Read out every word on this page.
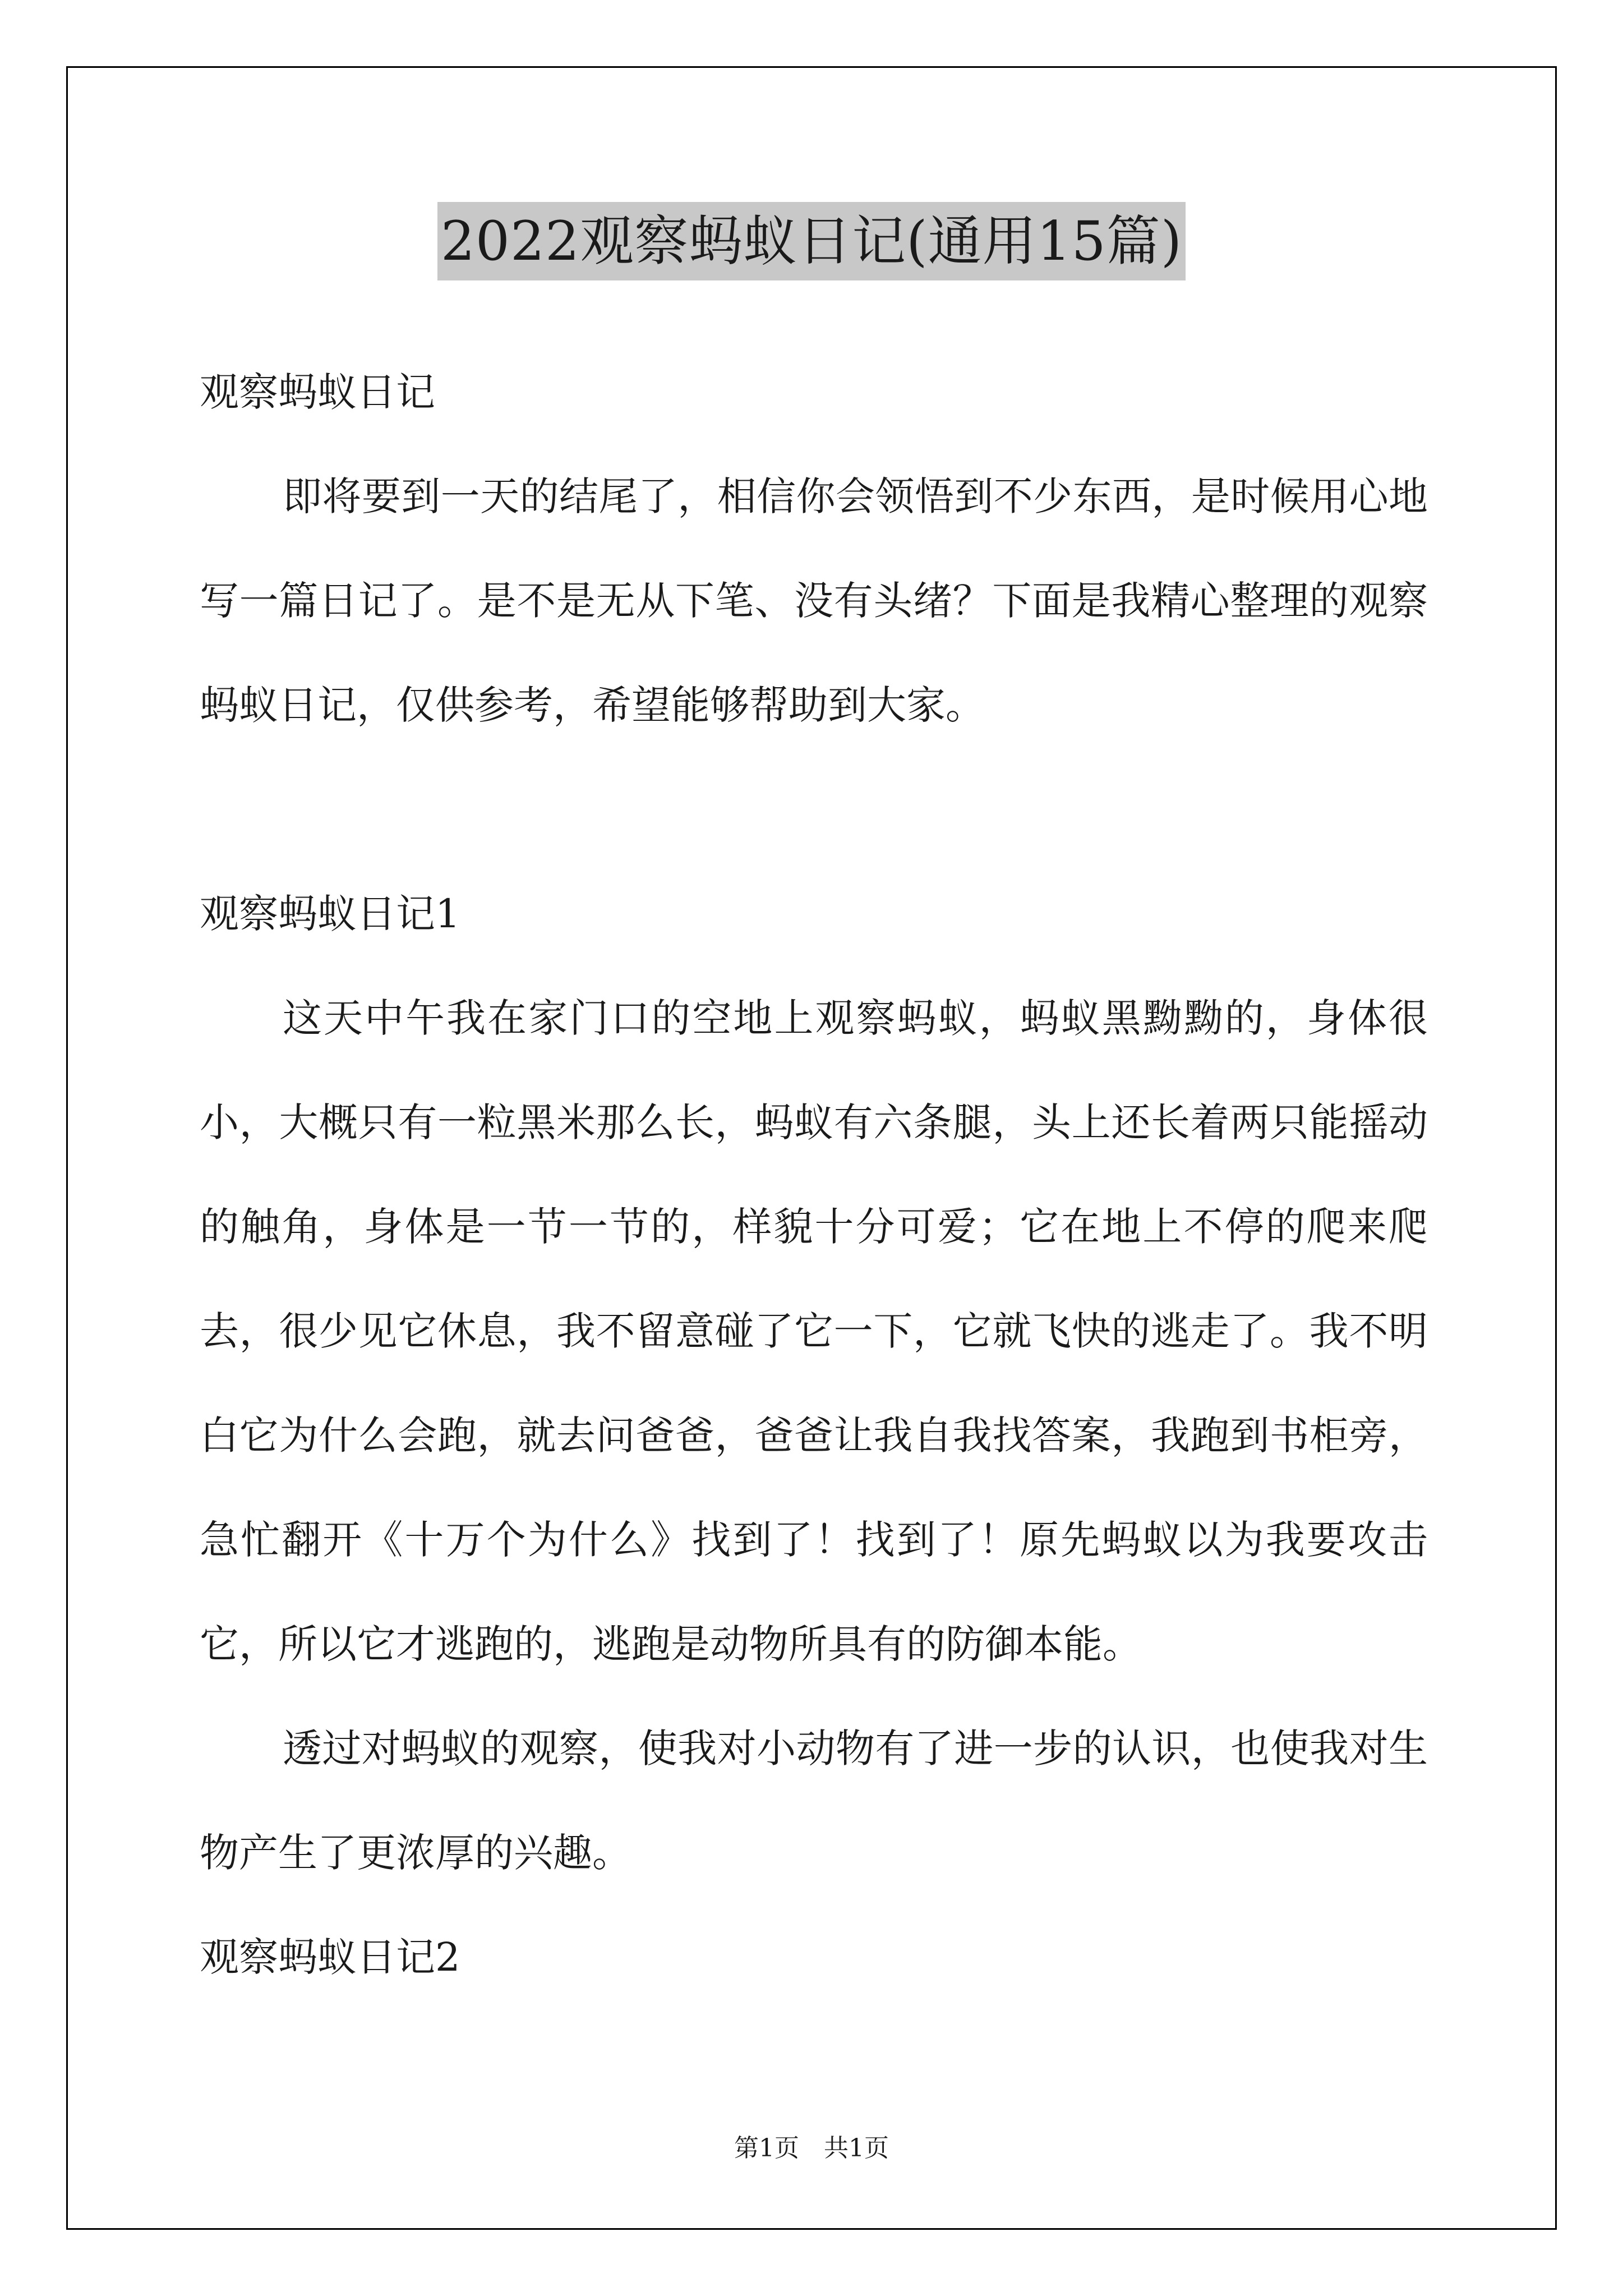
2022观察蚂蚁日记(通用15篇)

观察蚂蚁日记

即将要到一天的结尾了，相信你会领悟到不少东西，是时候用心地写一篇日记了。是不是无从下笔、没有头绪？下面是我精心整理的观察蚂蚁日记，仅供参考，希望能够帮助到大家。

观察蚂蚁日记1

这天中午我在家门口的空地上观察蚂蚁，蚂蚁黑黝黝的，身体很小，大概只有一粒黑米那么长，蚂蚁有六条腿，头上还长着两只能摇动的触角，身体是一节一节的，样貌十分可爱；它在地上不停的爬来爬去，很少见它休息，我不留意碰了它一下，它就飞快的逃走了。我不明白它为什么会跑，就去问爸爸，爸爸让我自我找答案，我跑到书柜旁，急忙翻开《十万个为什么》找到了！找到了！原先蚂蚁以为我要攻击它，所以它才逃跑的，逃跑是动物所具有的防御本能。

透过对蚂蚁的观察，使我对小动物有了进一步的认识，也使我对生物产生了更浓厚的兴趣。

观察蚂蚁日记2

第1页　共1页
